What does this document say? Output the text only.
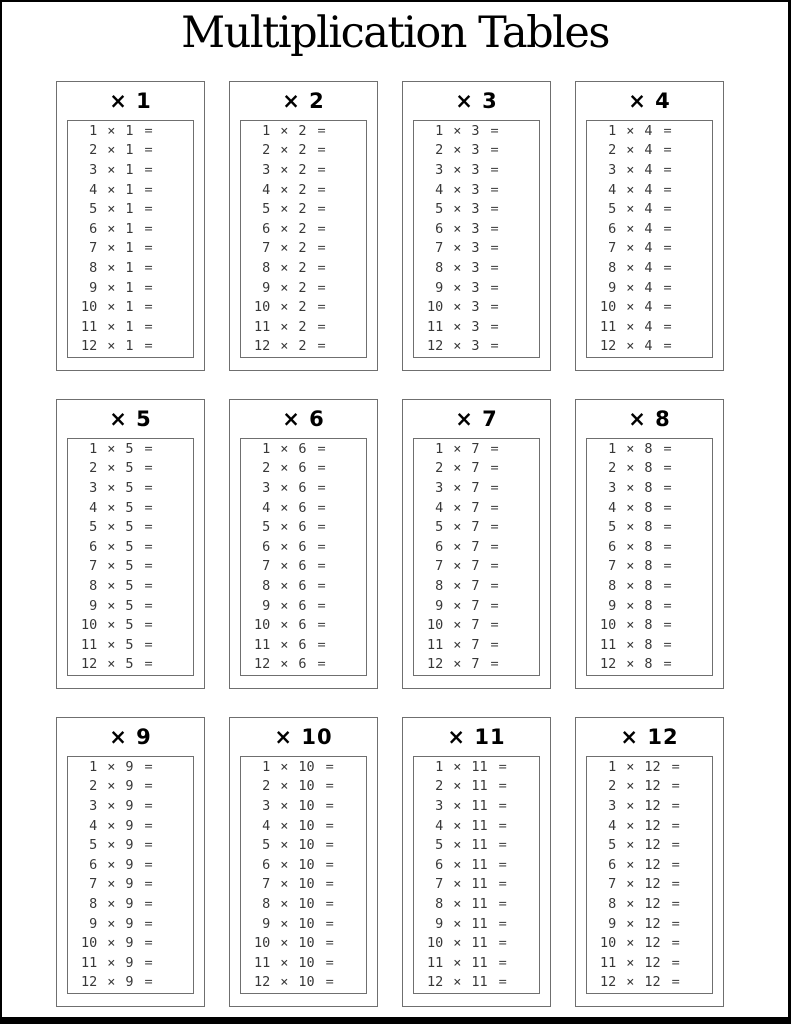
Multiplication Tables
× 1
1 × 1 =
2 × 1 =
3 × 1 =
4 × 1 =
5 × 1 =
6 × 1 =
7 × 1 =
8 × 1 =
9 × 1 =
10 × 1 =
11 × 1 =
12 × 1 =
× 2
1 × 2 =
2 × 2 =
3 × 2 =
4 × 2 =
5 × 2 =
6 × 2 =
7 × 2 =
8 × 2 =
9 × 2 =
10 × 2 =
11 × 2 =
12 × 2 =
× 3
1 × 3 =
2 × 3 =
3 × 3 =
4 × 3 =
5 × 3 =
6 × 3 =
7 × 3 =
8 × 3 =
9 × 3 =
10 × 3 =
11 × 3 =
12 × 3 =
× 4
1 × 4 =
2 × 4 =
3 × 4 =
4 × 4 =
5 × 4 =
6 × 4 =
7 × 4 =
8 × 4 =
9 × 4 =
10 × 4 =
11 × 4 =
12 × 4 =
× 5
1 × 5 =
2 × 5 =
3 × 5 =
4 × 5 =
5 × 5 =
6 × 5 =
7 × 5 =
8 × 5 =
9 × 5 =
10 × 5 =
11 × 5 =
12 × 5 =
× 6
1 × 6 =
2 × 6 =
3 × 6 =
4 × 6 =
5 × 6 =
6 × 6 =
7 × 6 =
8 × 6 =
9 × 6 =
10 × 6 =
11 × 6 =
12 × 6 =
× 7
1 × 7 =
2 × 7 =
3 × 7 =
4 × 7 =
5 × 7 =
6 × 7 =
7 × 7 =
8 × 7 =
9 × 7 =
10 × 7 =
11 × 7 =
12 × 7 =
× 8
1 × 8 =
2 × 8 =
3 × 8 =
4 × 8 =
5 × 8 =
6 × 8 =
7 × 8 =
8 × 8 =
9 × 8 =
10 × 8 =
11 × 8 =
12 × 8 =
× 9
1 × 9 =
2 × 9 =
3 × 9 =
4 × 9 =
5 × 9 =
6 × 9 =
7 × 9 =
8 × 9 =
9 × 9 =
10 × 9 =
11 × 9 =
12 × 9 =
× 10
1 × 10 =
2 × 10 =
3 × 10 =
4 × 10 =
5 × 10 =
6 × 10 =
7 × 10 =
8 × 10 =
9 × 10 =
10 × 10 =
11 × 10 =
12 × 10 =
× 11
1 × 11 =
2 × 11 =
3 × 11 =
4 × 11 =
5 × 11 =
6 × 11 =
7 × 11 =
8 × 11 =
9 × 11 =
10 × 11 =
11 × 11 =
12 × 11 =
× 12
1 × 12 =
2 × 12 =
3 × 12 =
4 × 12 =
5 × 12 =
6 × 12 =
7 × 12 =
8 × 12 =
9 × 12 =
10 × 12 =
11 × 12 =
12 × 12 =
